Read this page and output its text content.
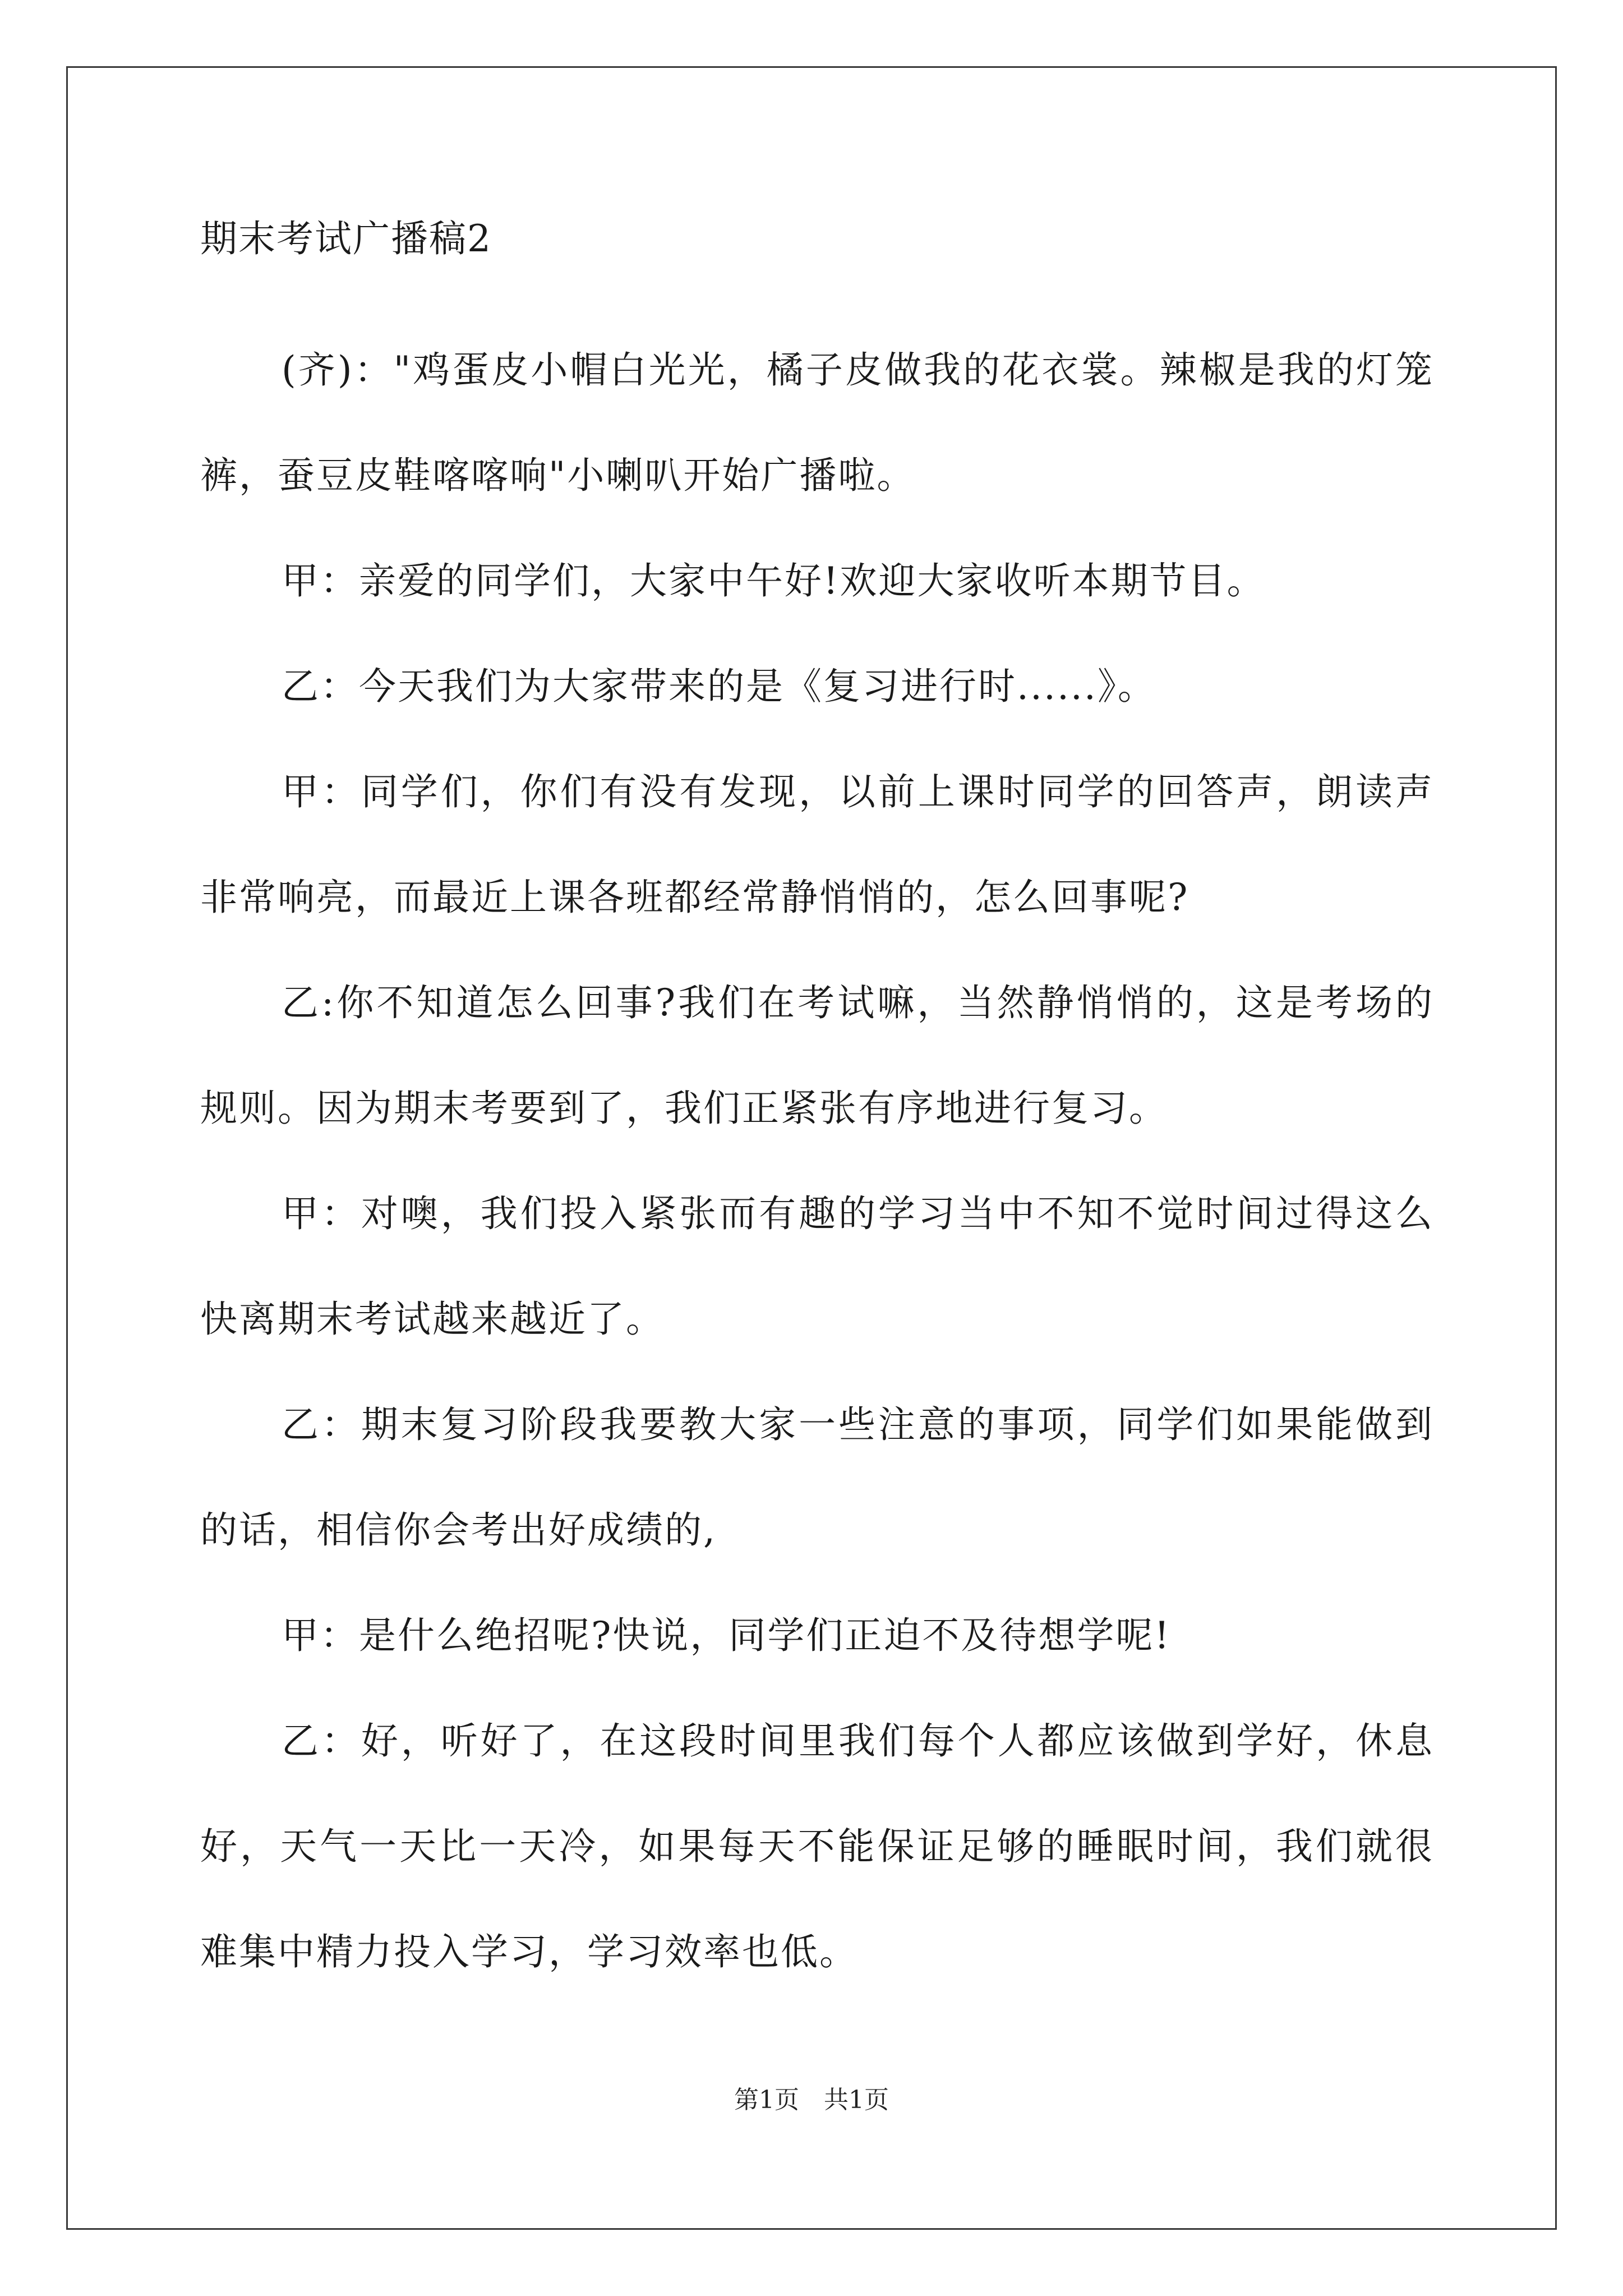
期末考试广播稿2

(齐)："鸡蛋皮小帽白光光，橘子皮做我的花衣裳。辣椒是我的灯笼裤，蚕豆皮鞋喀喀响"小喇叭开始广播啦。

甲：亲爱的同学们，大家中午好!欢迎大家收听本期节目。

乙：今天我们为大家带来的是《复习进行时......》。

甲：同学们，你们有没有发现，以前上课时同学的回答声，朗读声非常响亮，而最近上课各班都经常静悄悄的，怎么回事呢?

乙:你不知道怎么回事?我们在考试嘛，当然静悄悄的，这是考场的规则。因为期末考要到了，我们正紧张有序地进行复习。

甲：对噢，我们投入紧张而有趣的学习当中不知不觉时间过得这么快离期末考试越来越近了。

乙：期末复习阶段我要教大家一些注意的事项，同学们如果能做到的话，相信你会考出好成绩的,

甲：是什么绝招呢?快说，同学们正迫不及待想学呢!

乙：好，听好了，在这段时间里我们每个人都应该做到学好，休息好，天气一天比一天冷，如果每天不能保证足够的睡眠时间，我们就很难集中精力投入学习，学习效率也低。

第1页 共1页
